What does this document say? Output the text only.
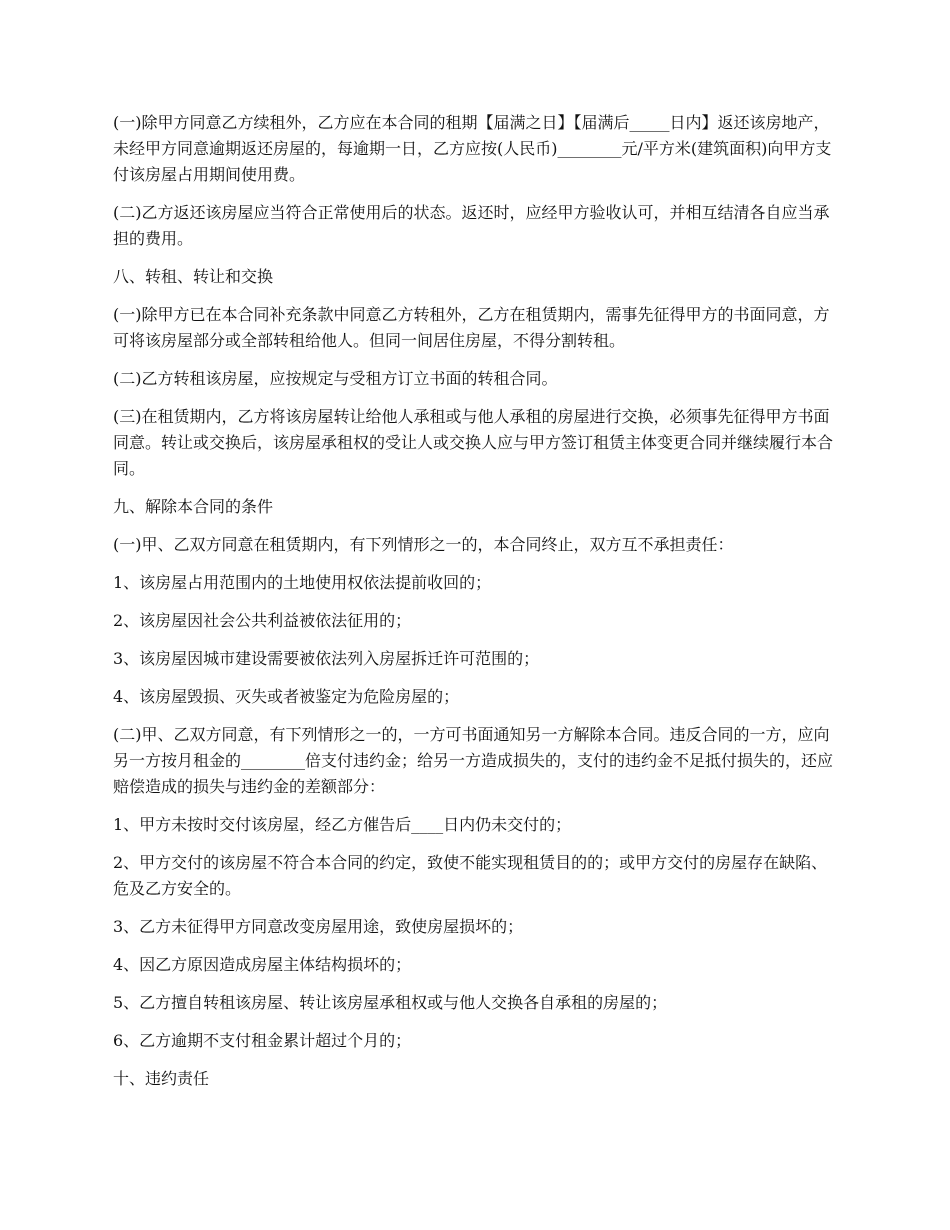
(一)除甲方同意乙方续租外，乙方应在本合同的租期【届满之日】【届满后_____日内】返还该房地产，未经甲方同意逾期返还房屋的，每逾期一日，乙方应按(人民币)________元/平方米(建筑面积)向甲方支付该房屋占用期间使用费。

(二)乙方返还该房屋应当符合正常使用后的状态。返还时，应经甲方验收认可，并相互结清各自应当承担的费用。

八、转租、转让和交换

(一)除甲方已在本合同补充条款中同意乙方转租外，乙方在租赁期内，需事先征得甲方的书面同意，方可将该房屋部分或全部转租给他人。但同一间居住房屋，不得分割转租。

(二)乙方转租该房屋，应按规定与受租方订立书面的转租合同。

(三)在租赁期内，乙方将该房屋转让给他人承租或与他人承租的房屋进行交换，必须事先征得甲方书面同意。转让或交换后，该房屋承租权的受让人或交换人应与甲方签订租赁主体变更合同并继续履行本合同。

九、解除本合同的条件

(一)甲、乙双方同意在租赁期内，有下列情形之一的，本合同终止，双方互不承担责任：

1、该房屋占用范围内的土地使用权依法提前收回的；

2、该房屋因社会公共利益被依法征用的；

3、该房屋因城市建设需要被依法列入房屋拆迁许可范围的；

4、该房屋毁损、灭失或者被鉴定为危险房屋的；

(二)甲、乙双方同意，有下列情形之一的，一方可书面通知另一方解除本合同。违反合同的一方，应向另一方按月租金的________倍支付违约金；给另一方造成损失的，支付的违约金不足抵付损失的，还应赔偿造成的损失与违约金的差额部分：

1、甲方未按时交付该房屋，经乙方催告后____日内仍未交付的；

2、甲方交付的该房屋不符合本合同的约定，致使不能实现租赁目的的；或甲方交付的房屋存在缺陷、危及乙方安全的。

3、乙方未征得甲方同意改变房屋用途，致使房屋损坏的；

4、因乙方原因造成房屋主体结构损坏的；

5、乙方擅自转租该房屋、转让该房屋承租权或与他人交换各自承租的房屋的；

6、乙方逾期不支付租金累计超过个月的；

十、违约责任
